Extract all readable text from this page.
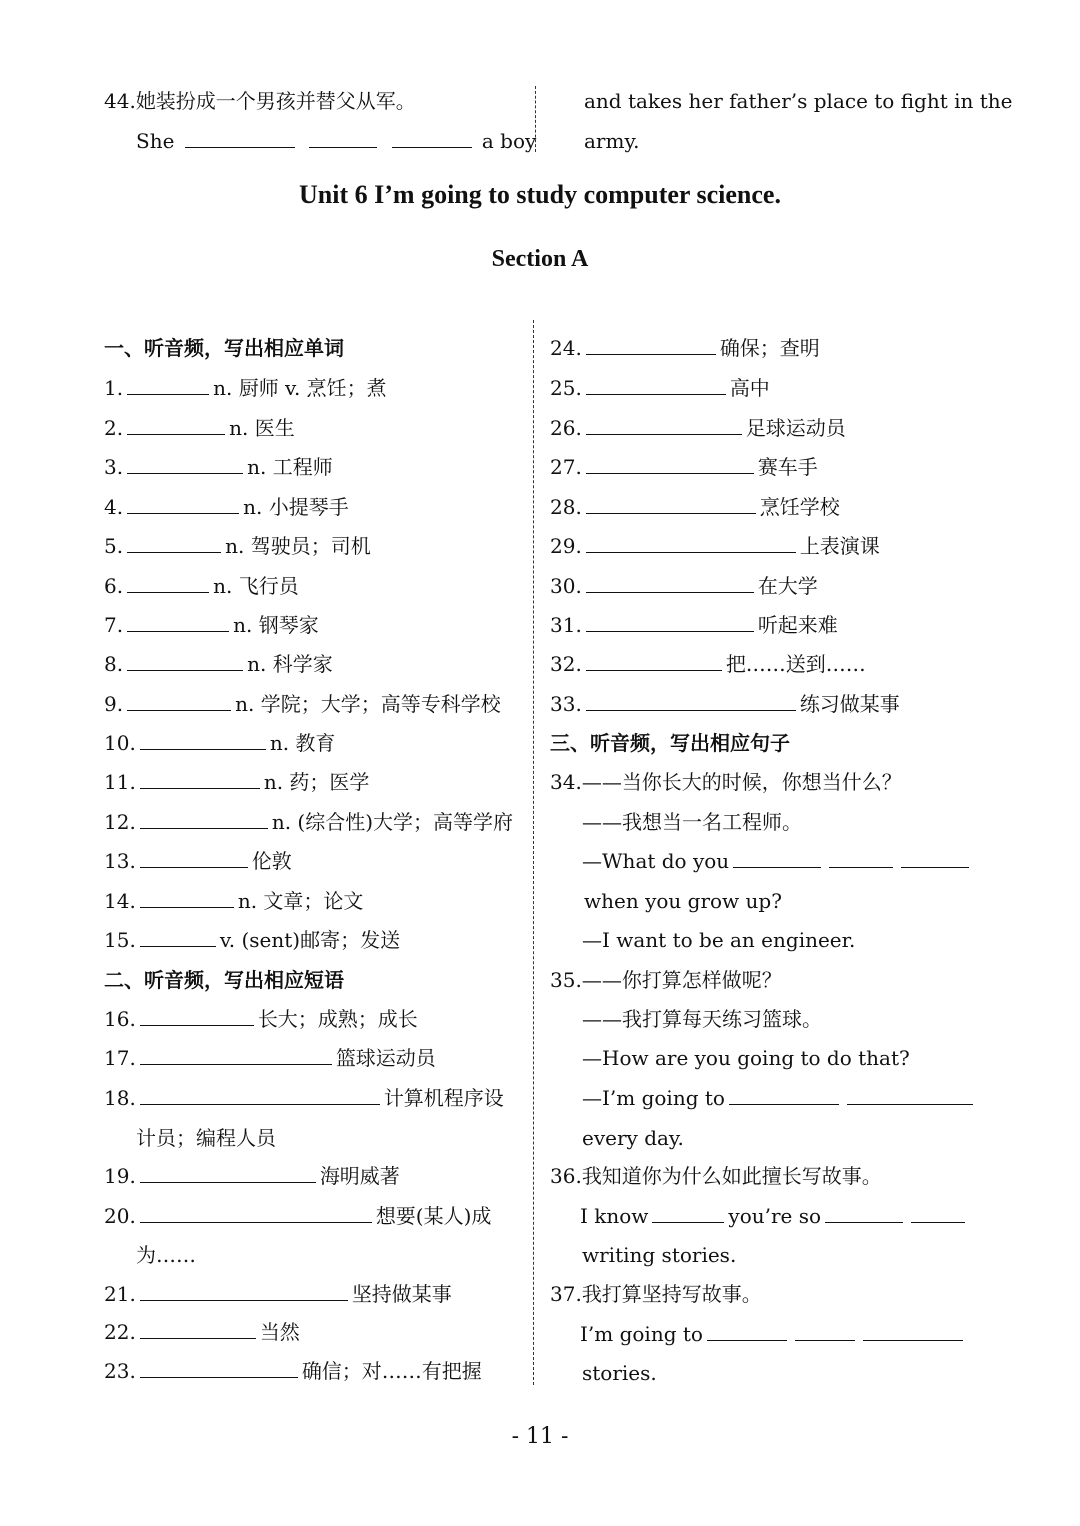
44.她装扮成一个男孩并替父从军。
She	a boy
and takes her father’s place to fight in the
army.
Unit 6 I’m going to study computer science.
Section A
一、听音频，写出相应单词
1.	n. 厨师 v. 烹饪；煮
2.	n. 医生
3.	n. 工程师
4.	n. 小提琴手
5.	n. 驾驶员；司机
6.	n. 飞行员
7.	n. 钢琴家
8.	n. 科学家
9.	n. 学院；大学；高等专科学校
10.	n. 教育
11.	n. 药；医学
12.	n. (综合性)大学；高等学府
13.	伦敦
14.	n. 文章；论文
15.	v. (sent)邮寄；发送
二、听音频，写出相应短语
16.	长大；成熟；成长
17.	篮球运动员
18.	计算机程序设
计员；编程人员
19.	海明威著
20.	想要(某人)成
为……
21.	坚持做某事
22.	当然
23.	确信；对……有把握
24.	确保；查明
25.	高中
26.	足球运动员
27.	赛车手
28.	烹饪学校
29.	上表演课
30.	在大学
31.	听起来难
32.	把……送到……
33.	练习做某事
三、听音频，写出相应句子
34.——当你长大的时候，你想当什么？
——我想当一名工程师。
—What do you
when you grow up?
—I want to be an engineer.
35.——你打算怎样做呢？
——我打算每天练习篮球。
—How are you going to do that?
—I’m going to
every day.
36.我知道你为什么如此擅长写故事。
I know	you’re so
writing stories.
37.我打算坚持写故事。
I’m going to
stories.
- 11 -
